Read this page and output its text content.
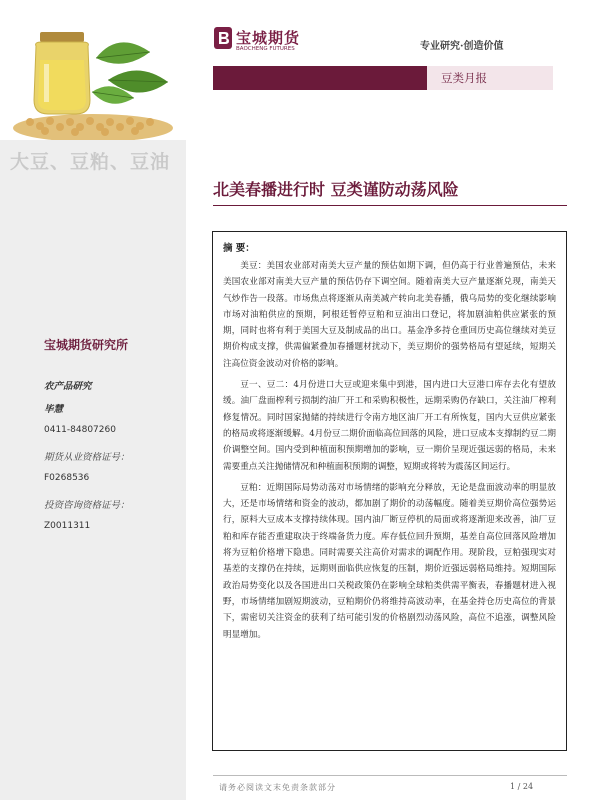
大豆、豆粕、豆油
宝城期货研究所
农产品研究
毕慧
0411-84807260
期货从业资格证号：
F0268536
投资咨询资格证号：
Z0011311
宝城期货
BAOCHENG FUTURES	专业研究·创造价值
豆类月报
北美春播进行时 豆类谨防动荡风险
摘 要：

美豆：美国农业部对南美大豆产量的预估如期下调，但仍高于行业普遍预估，未来美国农业部对南美大豆产量的预估仍存下调空间。随着南美大豆产量逐渐兑现，南美天气炒作告一段落。市场焦点将逐渐从南美减产转向北美春播，俄乌局势的变化继续影响市场对油粕供应的预期，阿根廷暂停豆粕和豆油出口登记，将加剧油粕供应紧张的预期，同时也将有利于美国大豆及制成品的出口。基金净多持仓重回历史高位继续对美豆期价构成支撑，供需偏紧叠加春播题材扰动下，美豆期价的强势格局有望延续，短期关注高位资金波动对价格的影响。

豆一、豆二：4月份进口大豆或迎来集中到港，国内进口大豆港口库存去化有望放缓。油厂盘面榨利亏损制约油厂开工和采购积极性，远期采购仍存缺口，关注油厂榨利修复情况。同时国家抛储的持续进行令南方地区油厂开工有所恢复，国内大豆供应紧张的格局或将逐渐缓解。4月份豆二期价面临高位回落的风险，进口豆成本支撑制约豆二期价调整空间。国内受到种植面积预期增加的影响，豆一期价呈现近强远弱的格局，未来需要重点关注抛储情况和种植面积预期的调整，短期或将转为震荡区间运行。

豆粕：近期国际局势动荡对市场情绪的影响充分释放，无论是盘面波动率的明显放大，还是市场情绪和资金的波动，都加剧了期价的动荡幅度。随着美豆期价高位强势运行，原料大豆成本支撑持续体现。国内油厂断豆停机的局面或将逐渐迎来改善，油厂豆粕和库存能否重建取决于终端备货力度。库存低位回升预期，基差自高位回落风险增加将为豆粕价格增下隐患。同时需要关注高价对需求的调配作用。现阶段，豆粕强现实对基差的支撑仍在持续，远期则面临供应恢复的压制，期价近强远弱格局维持。短期国际政治局势变化以及各国进出口关税政策仍在影响全球粕类供需平衡表，春播题材进入视野，市场情绪加剧短期波动，豆粕期价仍将维持高波动率，在基金持仓历史高位的背景下，需密切关注资金的获利了结可能引发的价格剧烈动荡风险，高位不追涨，调整风险明显增加。

请务必阅读文末免责条款部分	1 / 24
